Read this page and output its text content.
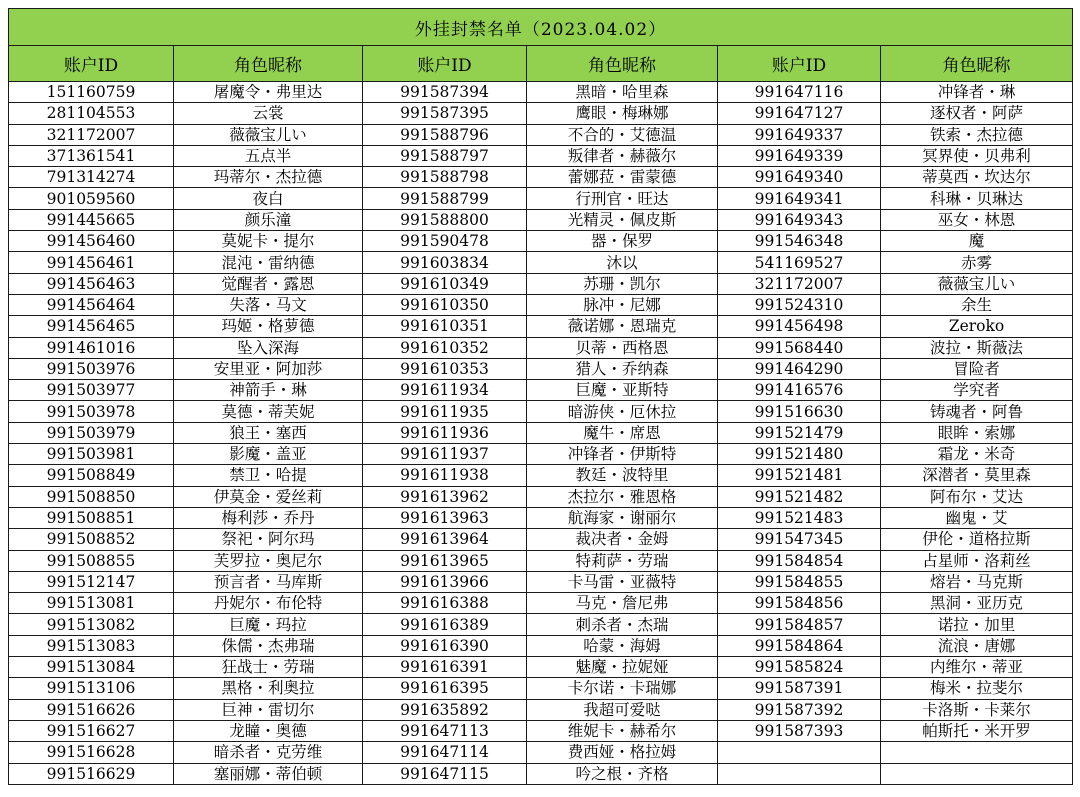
外挂封禁名单（2023.04.02）					
账户ID	角色昵称	账户ID	角色昵称	账户ID	角色昵称
151160759	屠魔令・弗里达	991587394	黑暗・哈里森	991647116	冲锋者・琳
281104553	云裳	991587395	鹰眼・梅琳娜	991647127	逐权者・阿萨
321172007	薇薇宝儿い	991588796	不合的・艾德温	991649337	铁索・杰拉德
371361541	五点半	991588797	叛律者・赫薇尔	991649339	冥界使・贝弗利
791314274	玛蒂尔・杰拉德	991588798	蕾娜菈・雷蒙德	991649340	蒂莫西・坎达尔
901059560	夜白	991588799	行刑官・旺达	991649341	科琳・贝琳达
991445665	颜乐潼	991588800	光精灵・佩皮斯	991649343	巫女・林恩
991456460	莫妮卡・提尔	991590478	器・保罗	991546348	魔
991456461	混沌・雷纳德	991603834	沐以	541169527	赤雾
991456463	觉醒者・露恩	991610349	苏珊・凯尔	321172007	薇薇宝儿い
991456464	失落・马文	991610350	脉冲・尼娜	991524310	余生
991456465	玛姬・格萝德	991610351	薇诺娜・恩瑞克	991456498	Zeroko
991461016	坠入深海	991610352	贝蒂・西格恩	991568440	波拉・斯薇法
991503976	安里亚・阿加莎	991610353	猎人・乔纳森	991464290	冒险者
991503977	神箭手・琳	991611934	巨魔・亚斯特	991416576	学究者
991503978	莫德・蒂芙妮	991611935	暗游侠・厄休拉	991516630	铸魂者・阿鲁
991503979	狼王・塞西	991611936	魔牛・席恩	991521479	眼眸・索娜
991503981	影魔・盖亚	991611937	冲锋者・伊斯特	991521480	霜龙・米奇
991508849	禁卫・哈提	991611938	教廷・波特里	991521481	深潜者・莫里森
991508850	伊莫金・爱丝莉	991613962	杰拉尔・雅恩格	991521482	阿布尔・艾达
991508851	梅利莎・乔丹	991613963	航海家・谢丽尔	991521483	幽鬼・艾
991508852	祭祀・阿尔玛	991613964	裁决者・金姆	991547345	伊伦・道格拉斯
991508855	芙罗拉・奥尼尔	991613965	特莉萨・劳瑞	991584854	占星师・洛莉丝
991512147	预言者・马库斯	991613966	卡马雷・亚薇特	991584855	熔岩・马克斯
991513081	丹妮尔・布伦特	991616388	马克・詹尼弗	991584856	黑洞・亚历克
991513082	巨魔・玛拉	991616389	刺杀者・杰瑞	991584857	诺拉・加里
991513083	侏儒・杰弗瑞	991616390	哈蒙・海姆	991584864	流浪・唐娜
991513084	狂战士・劳瑞	991616391	魅魔・拉妮娅	991585824	内维尔・蒂亚
991513106	黑格・利奥拉	991616395	卡尔诺・卡瑞娜	991587391	梅米・拉斐尔
991516626	巨神・雷切尔	991635892	我超可爱哒	991587392	卡洛斯・卡莱尔
991516627	龙瞳・奥德	991647113	维妮卡・赫希尔	991587393	帕斯托・米开罗
991516628	暗杀者・克劳维	991647114	费西娅・格拉姆		
991516629	塞丽娜・蒂伯顿	991647115	吟之根・齐格		
